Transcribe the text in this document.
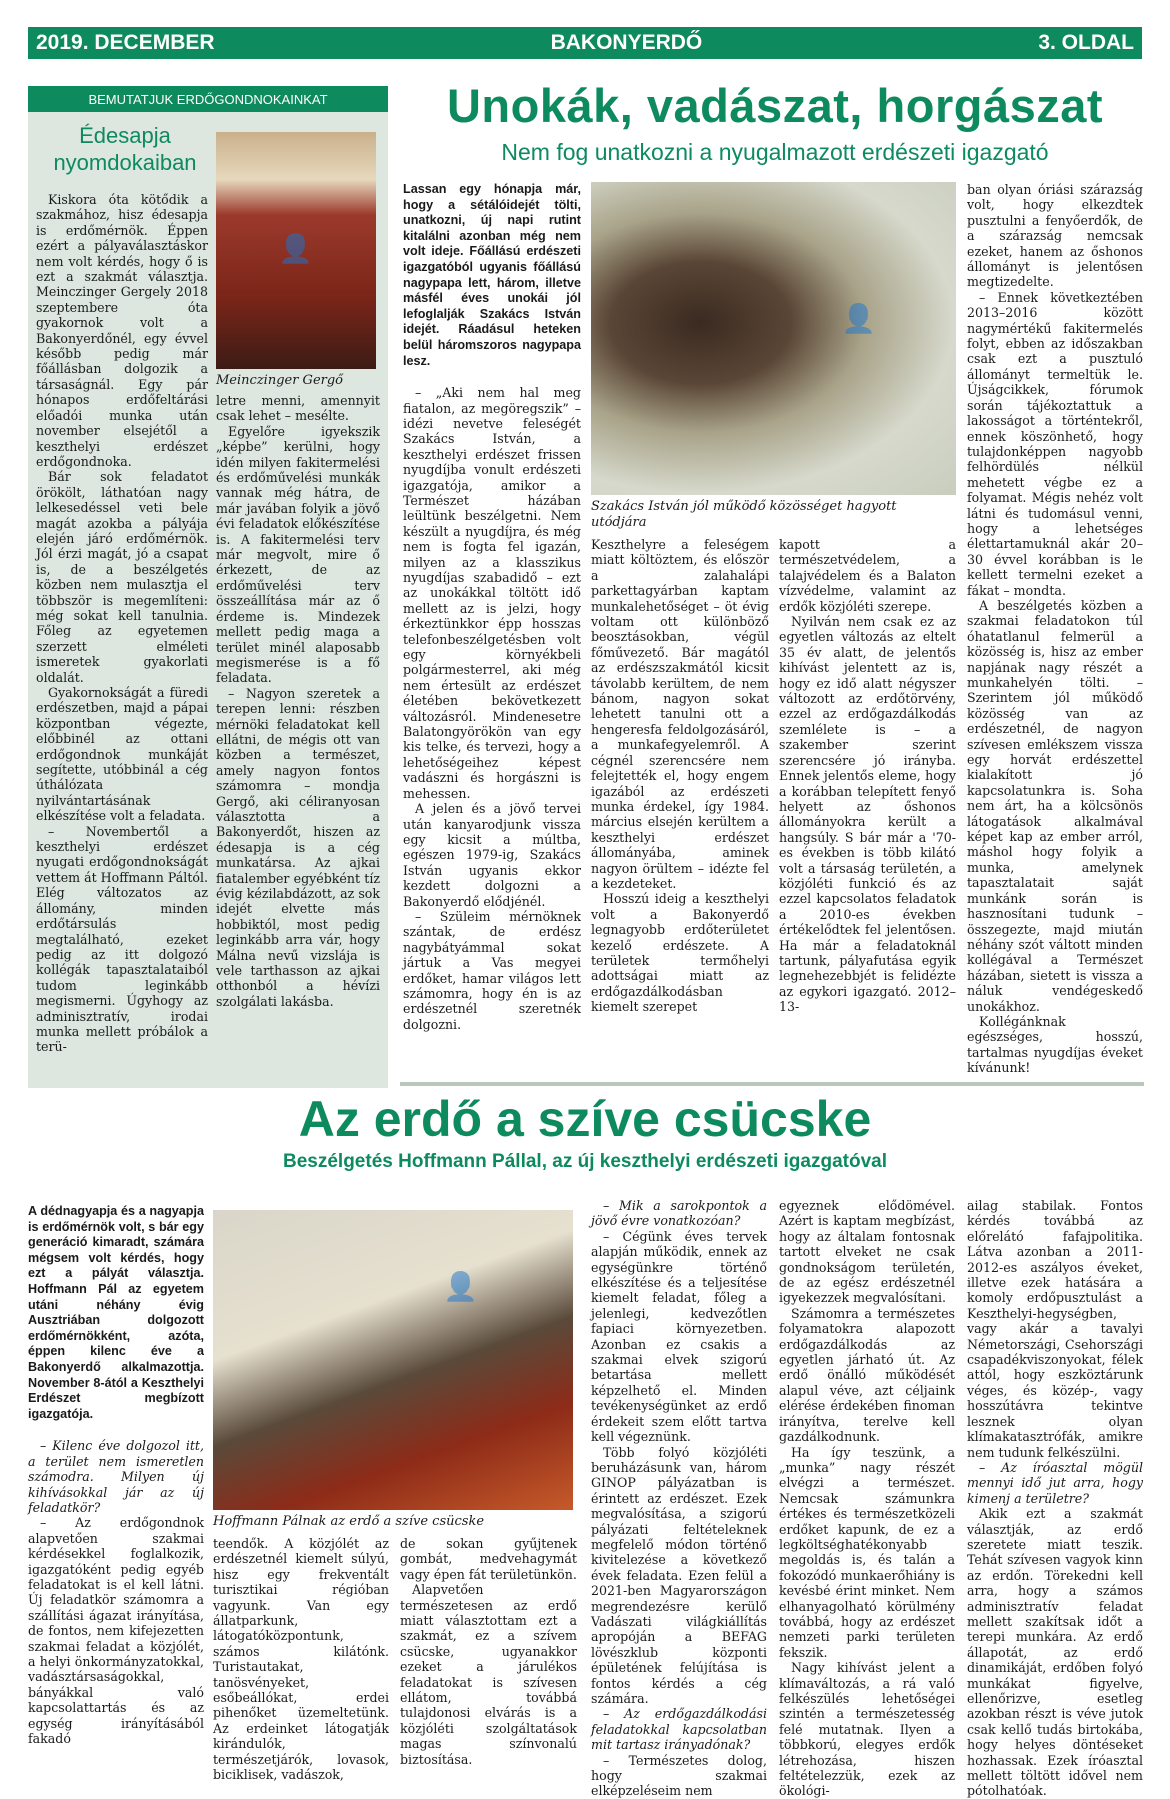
2019. DECEMBER	BAKONYERDŐ	3. OLDAL
BEMUTATJUK ERDŐGONDNOKAINKAT
Édesapja
nyomdokaiban

Kiskora óta kötődik a szakmához, hisz édesapja is erdőmérnök. Éppen ezért a pályaválasztáskor nem volt kérdés, hogy ő is ezt a szakmát választja. Meinczinger Gergely 2018 szeptembere óta gyakornok volt a Bakonyerdőnél, egy évvel később pedig már főállásban dolgozik a társaságnál. Egy pár hónapos erdőfeltárási előadói munka után november elsejétől a keszthelyi erdészet erdőgondnoka.

Bár sok feladatot örökölt, láthatóan nagy lelkesedéssel veti bele magát azokba a pályája elején járó erdőmérnök. Jól érzi magát, jó a csapat is, de a beszélgetés közben nem mulasztja el többször is megemlíteni: még sokat kell tanulnia. Főleg az egyetemen szerzett elméleti ismeretek gyakorlati oldalát.

Gyakornokságát a füredi erdészetben, majd a pápai központban végezte, előbbinél az ottani erdőgondnok munkáját segítette, utóbbinál a cég úthálózata nyilvántartásának elkészítése volt a feladata.

– Novembertől a keszthelyi erdészet nyugati erdőgondnokságát vettem át Hoffmann Páltól. Elég változatos az állomány, minden erdőtársulás megtalálható, ezeket pedig az itt dolgozó kollégák tapasztalataiból tudom leginkább megismerni. Úgyhogy az adminisztratív, irodai munka mellett próbálok a terü-

👤
Meinczinger Gergő

letre menni, amennyit csak lehet – mesélte.

Egyelőre igyekszik „képbe” kerülni, hogy idén milyen fakitermelési és erdőművelési munkák vannak még hátra, de már javában folyik a jövő évi feladatok előkészítése is. A fakitermelési terv már megvolt, mire ő érkezett, de az erdőművelési terv összeállítása már az ő érdeme is. Mindezek mellett pedig maga a terület minél alaposabb megismerése is a fő feladata.

– Nagyon szeretek a terepen lenni: részben mérnöki feladatokat kell ellátni, de mégis ott van közben a természet, amely nagyon fontos számomra – mondja Gergő, aki céliranyosan választotta a Bakonyerdőt, hiszen az édesapja is a cég munkatársa. Az ajkai fiatalember egyébként tíz évig kézilabdázott, az sok idejét elvette más hobbiktól, most pedig leginkább arra vár, hogy Málna nevű vizslája is vele tarthasson az ajkai otthonból a hévízi szolgálati lakásba.

Unokák, vadászat, horgászat
Nem fog unatkozni a nyugalmazott erdészeti igazgató
Lassan egy hónapja már, hogy a sétálóidejét tölti, unatkozni, új napi rutint kitalálni azonban még nem volt ideje. Főállású erdészeti igazgatóból ugyanis főállású nagypapa lett, három, illetve másfél éves unokái jól lefoglalják Szakács István idejét. Ráadásul heteken belül háromszoros nagypapa lesz.

– „Aki nem hal meg fiatalon, az megöregszik” – idézi nevetve feleségét Szakács István, a keszthelyi erdészet frissen nyugdíjba vonult erdészeti igazgatója, amikor a Természet házában leültünk beszélgetni. Nem készült a nyugdíjra, és még nem is fogta fel igazán, milyen az a klasszikus nyugdíjas szabadidő – ezt az unokákkal töltött idő mellett az is jelzi, hogy érkeztünkkor épp hosszas telefonbeszélgetésben volt egy környékbeli polgármesterrel, aki még nem értesült az erdészet életében bekövetkezett változásról. Mindenesetre Balatongyörökön van egy kis telke, és tervezi, hogy a lehetőségeihez képest vadászni és horgászni is mehessen.

A jelen és a jövő tervei után kanyarodjunk vissza egy kicsit a múltba, egészen 1979-ig, Szakács István ugyanis ekkor kezdett dolgozni a Bakonyerdő elődjénél.

– Szüleim mérnöknek szántak, de erdész nagybátyámmal sokat jártuk a Vas megyei erdőket, hamar világos lett számomra, hogy én is az erdészetnél szeretnék dolgozni.

👤
Szakács István jól működő közösséget hagyott utódjára

Keszthelyre a feleségem miatt költöztem, és először a zalahalápi parkettagyárban kaptam munkalehetőséget – öt évig voltam ott különböző beosztásokban, végül főművezető. Bár magától az erdészszakmától kicsit távolabb kerültem, de nem bánom, nagyon sokat lehetett tanulni ott a hengeresfa feldolgozásáról, a munkafegyelemről. A cégnél szerencsére nem felejtették el, hogy engem igazából az erdészeti munka érdekel, így 1984. március elsején kerültem a keszthelyi erdészet állományába, aminek nagyon örültem – idézte fel a kezdeteket.

Hosszú ideig a keszthelyi volt a Bakonyerdő legnagyobb erdőterületet kezelő erdészete. A területek termőhelyi adottságai miatt az erdőgazdálkodásban kiemelt szerepet

kapott a természetvédelem, a talajvédelem és a Balaton vízvédelme, valamint az erdők közjóléti szerepe.

Nyilván nem csak ez az egyetlen változás az eltelt 35 év alatt, de jelentős kihívást jelentett az is, hogy ez idő alatt négyszer változott az erdőtörvény, ezzel az erdőgazdálkodás szemlélete is – a szakember szerint szerencsére jó irányba. Ennek jelentős eleme, hogy a korábban telepített fenyő helyett az őshonos állományokra került a hangsúly. S bár már a '70-es években is több kilátó volt a társaság területén, a közjóléti funkció és az ezzel kapcsolatos feladatok a 2010-es években értékelődtek fel jelentősen. Ha már a feladatoknál tartunk, pályafutása egyik legnehezebbjét is felidézte az egykori igazgató. 2012–13-

ban olyan óriási szárazság volt, hogy elkezdtek pusztulni a fenyőerdők, de a szárazság nemcsak ezeket, hanem az őshonos állományt is jelentősen megtizedelte.

– Ennek következtében 2013–2016 között nagymértékű fakitermelés folyt, ebben az időszakban csak ezt a pusztuló állományt termeltük le. Újságcikkek, fórumok során tájékoztattuk a lakosságot a történtekről, ennek köszönhető, hogy tulajdonképpen nagyobb felhördülés nélkül mehetett végbe ez a folyamat. Mégis nehéz volt látni és tudomásul venni, hogy a lehetséges élettartamuknál akár 20–30 évvel korábban is le kellett termelni ezeket a fákat – mondta.

A beszélgetés közben a szakmai feladatokon túl óhatatlanul felmerül a közösség is, hisz az ember napjának nagy részét a munkahelyén tölti. – Szerintem jól működő közösség van az erdészetnél, de nagyon szívesen emlékszem vissza egy horvát erdészettel kialakított jó kapcsolatunkra is. Soha nem árt, ha a kölcsönös látogatások alkalmával képet kap az ember arról, máshol hogy folyik a munka, amelynek tapasztalatait saját munkánk során is hasznosítani tudunk – összegezte, majd miután néhány szót váltott minden kollégával a Természet házában, sietett is vissza a náluk vendégeskedő unokákhoz.

Kollégánknak egészséges, hosszú, tartalmas nyugdíjas éveket kívánunk!

Az erdő a szíve csücske
Beszélgetés Hoffmann Pállal, az új keszthelyi erdészeti igazgatóval
A dédnagyapja és a nagyapja is erdőmérnök volt, s bár egy generáció kimaradt, számára mégsem volt kérdés, hogy ezt a pályát választja. Hoffmann Pál az egyetem utáni néhány évig Ausztriában dolgozott erdőmérnökként, azóta, éppen kilenc éve a Bakonyerdő alkalmazottja. November 8-ától a Keszthelyi Erdészet megbízott igazgatója.

– Kilenc éve dolgozol itt, a terület nem ismeretlen számodra. Milyen új kihívásokkal jár az új feladatkör?

– Az erdőgondnok alapvetően szakmai kérdésekkel foglalkozik, igazgatóként pedig egyéb feladatokat is el kell látni. Új feladatkör számomra a szállítási ágazat irányítása, de fontos, nem kifejezetten szakmai feladat a közjólét, a helyi önkormányzatokkal, vadásztársaságokkal, bányákkal való kapcsolattartás és az egység irányításából fakadó

👤
Hoffmann Pálnak az erdő a szíve csücske

teendők. A közjólét az erdészetnél kiemelt súlyú, hisz egy frekventált turisztikai régióban vagyunk. Van egy állatparkunk, látogatóközpontunk, számos kilátónk. Turistautakat, tanösvényeket, esőbeállókat, erdei pihenőket üzemeltetünk. Az erdeinket látogatják kirándulók, természetjárók, lovasok, biciklisek, vadászok,

de sokan gyűjtenek gombát, medvehagymát vagy épen fát területünkön.

Alapvetően természetesen az erdő miatt választottam ezt a szakmát, ez a szívem csücske, ugyanakkor ezeket a járulékos feladatokat is szívesen ellátom, továbbá tulajdonosi elvárás is a közjóléti szolgáltatások magas színvonalú biztosítása.

– Mik a sarokpontok a jövő évre vonatkozóan?

– Cégünk éves tervek alapján működik, ennek az egységünkre történő elkészítése és a teljesítése kiemelt feladat, főleg a jelenlegi, kedvezőtlen fapiaci környezetben. Azonban ez csakis a szakmai elvek szigorú betartása mellett képzelhető el. Minden tevékenységünket az erdő érdekeit szem előtt tartva kell végeznünk.

Több folyó közjóléti beruházásunk van, három GINOP pályázatban is érintett az erdészet. Ezek megvalósítása, a szigorú pályázati feltételeknek megfelelő módon történő kivitelezése a következő évek feladata. Ezen felül a 2021-ben Magyarországon megrendezésre kerülő Vadászati világkiállítás apropóján a BEFAG lövészklub központi épületének felújítása is fontos kérdés a cég számára.

– Az erdőgazdálkodási feladatokkal kapcsolatban mit tartasz irányadónak?

– Természetes dolog, hogy szakmai elképzeléseim nem

egyeznek elődömével. Azért is kaptam megbízást, hogy az általam fontosnak tartott elveket ne csak gondnokságom területén, de az egész erdészetnél igyekezzek megvalósítani.

Számomra a természetes folyamatokra alapozott erdőgazdálkodás az egyetlen járható út. Az erdő önálló működését alapul véve, azt céljaink elérése érdekében finoman irányítva, terelve kell gazdálkodnunk.

Ha így teszünk, a „munka” nagy részét elvégzi a természet. Nemcsak számunkra értékes és természetközeli erdőket kapunk, de ez a legköltséghatékonyabb megoldás is, és talán a fokozódó munkaerőhiány is kevésbé érint minket. Nem elhanyagolható körülmény továbbá, hogy az erdészet nemzeti parki területen fekszik.

Nagy kihívást jelent a klímaváltozás, a rá való felkészülés lehetőségei szintén a természetesség felé mutatnak. Ilyen a többkorú, elegyes erdők létrehozása, hiszen feltételezzük, ezek az ökológi-

ailag stabilak. Fontos kérdés továbbá az előrelátó fafajpolitika. Látva azonban a 2011-2012-es aszályos éveket, illetve ezek hatására a komoly erdőpusztulást a Keszthelyi-hegységben, vagy akár a tavalyi Németországi, Csehországi csapadékviszonyokat, félek attól, hogy eszköztárunk véges, és közép-, vagy hosszútávra tekintve lesznek olyan klímakatasztrófák, amikre nem tudunk felkészülni.

– Az íróasztal mögül mennyi idő jut arra, hogy kimenj a területre?

Akik ezt a szakmát választják, az erdő szeretete miatt teszik. Tehát szívesen vagyok kinn az erdőn. Törekedni kell arra, hogy a számos adminisztratív feladat mellett szakítsak időt a terepi munkára. Az erdő állapotát, az erdő dinamikáját, erdőben folyó munkákat figyelve, ellenőrizve, esetleg azokban részt is véve jutok csak kellő tudás birtokába, hogy helyes döntéseket hozhassak. Ezek íróasztal mellett töltött idővel nem pótolhatóak.
